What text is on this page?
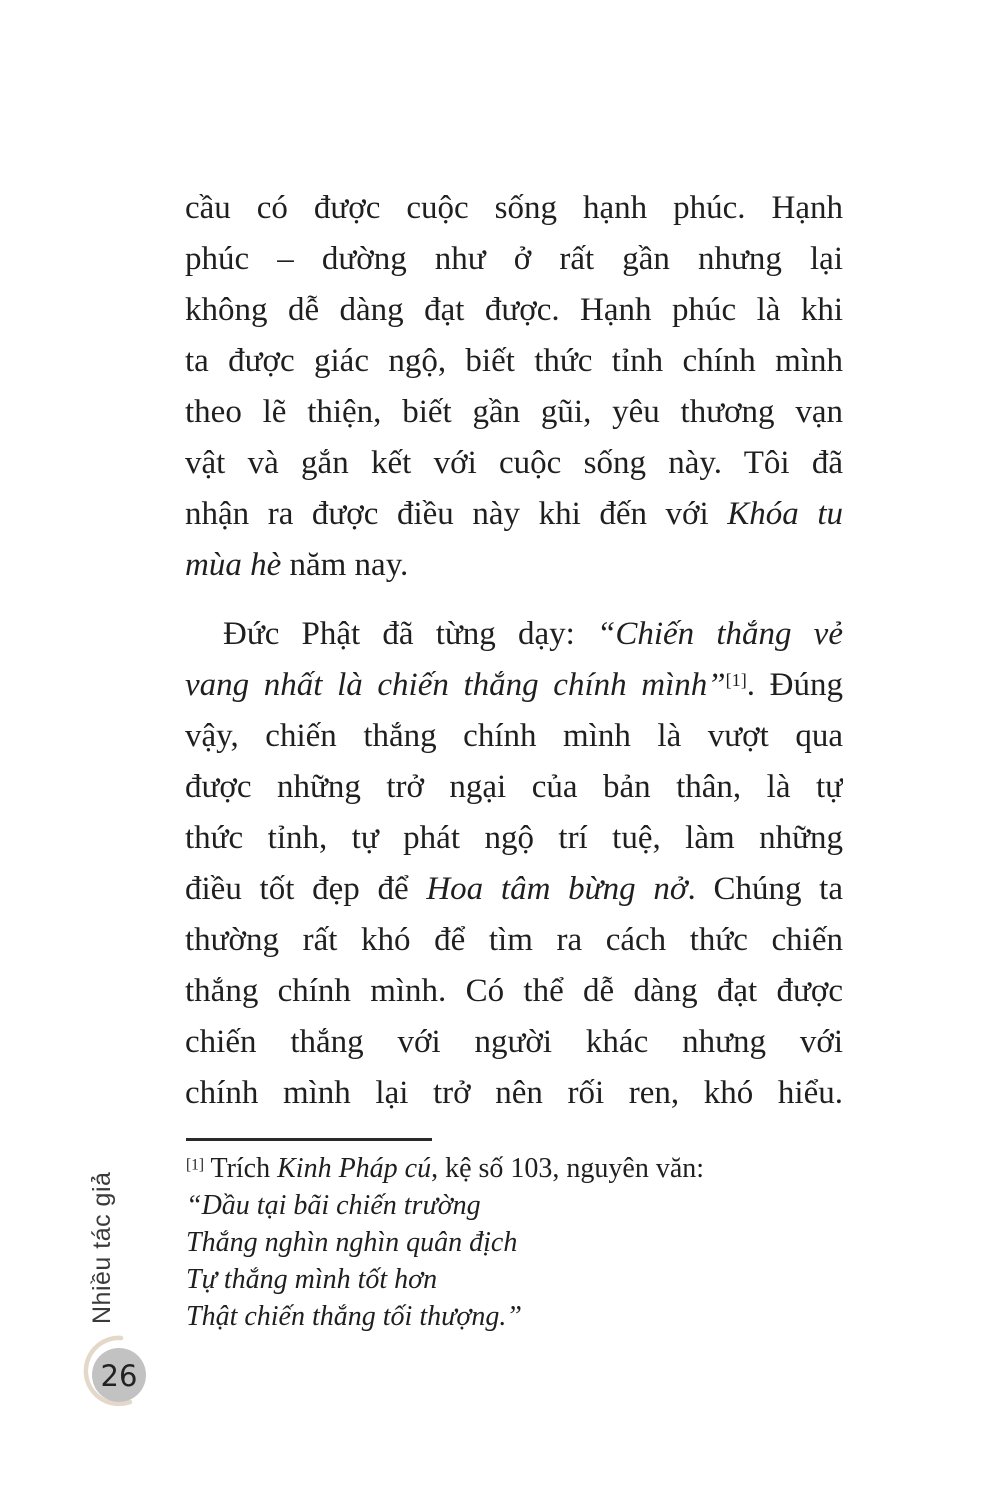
cầu có được cuộc sống hạnh phúc. Hạnh
phúc – dường như ở rất gần nhưng lại
không dễ dàng đạt được. Hạnh phúc là khi
ta được giác ngộ, biết thức tỉnh chính mình
theo lẽ thiện, biết gần gũi, yêu thương vạn
vật và gắn kết với cuộc sống này. Tôi đã
nhận ra được điều này khi đến với Khóa tu
mùa hè năm nay.
Đức Phật đã từng dạy: “Chiến thắng vẻ
vang nhất là chiến thắng chính mình”[1]. Đúng
vậy, chiến thắng chính mình là vượt qua
được những trở ngại của bản thân, là tự
thức tỉnh, tự phát ngộ trí tuệ, làm những
điều tốt đẹp để Hoa tâm bừng nở. Chúng ta
thường rất khó để tìm ra cách thức chiến
thắng chính mình. Có thể dễ dàng đạt được
chiến thắng với người khác nhưng với
chính mình lại trở nên rối ren, khó hiểu.
[1] Trích Kinh Pháp cú, kệ số 103, nguyên văn:
“Dầu tại bãi chiến trường
Thắng nghìn nghìn quân địch
Tự thắng mình tốt hơn
Thật chiến thắng tối thượng.”
Nhiều tác giả
26
